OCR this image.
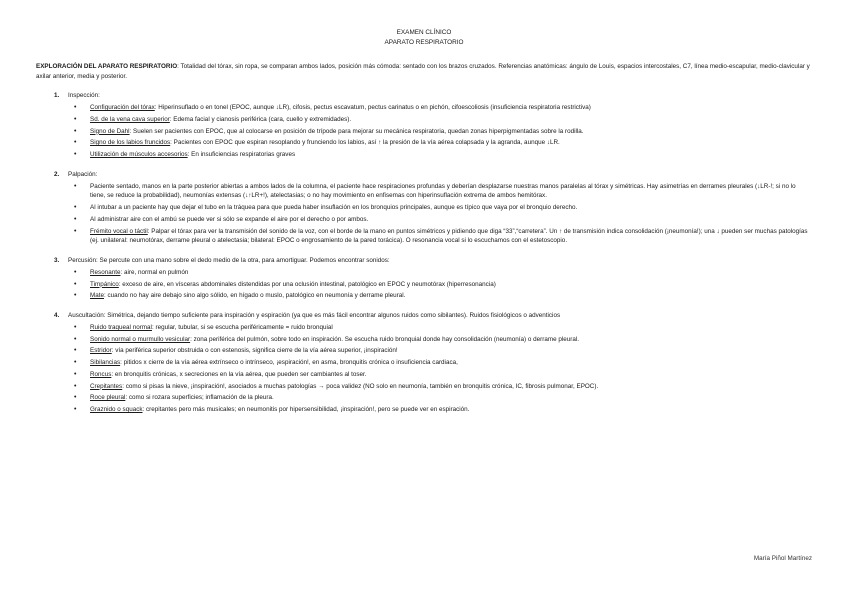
EXAMEN CLÍNICO
APARATO RESPIRATORIO

EXPLORACIÓN DEL APARATO RESPIRATORIO: Totalidad del tórax, sin ropa, se comparan ambos lados, posición más cómoda: sentado con los brazos cruzados. Referencias anatómicas: ángulo de Louis, espacios intercostales, C7, línea medio-escapular, medio-clavicular y axilar anterior, media y posterior.

1. Inspección:
• Configuración del tórax: Hiperinsuflado o en tonel (EPOC, aunque ↓LR), cifosis, pectus escavatum, pectus carinatus o en pichón, cifoescoliosis (insuficiencia respiratoria restrictiva)
• Sd. de la vena cava superior: Edema facial y cianosis periférica (cara, cuello y extremidades).
• Signo de Dahl: Suelen ser pacientes con EPOC, que al colocarse en posición de trípode para mejorar su mecánica respiratoria, quedan zonas hiperpigmentadas sobre la rodilla.
• Signo de los labios fruncidos: Pacientes con EPOC que espiran resoplando y frunciendo los labios, así ↑ la presión de la vía aérea colapsada y la agranda, aunque ↓LR.
• Utilización de músculos accesorios: En insuficiencias respiratorias graves
2. Palpación:
• Paciente sentado, manos en la parte posterior abiertas a ambos lados de la columna, el paciente hace respiraciones profundas y deberían desplazarse nuestras manos paralelas al tórax y simétricas. Hay asimetrías en derrames pleurales (↓LR-!; si no lo tiene, se reduce la probabilidad), neumonías extensas (↓↑LR+!), atelectasias; o no hay movimiento en enfisemas con hiperinsuflación extrema de ambos hemitórax.
• Al intubar a un paciente hay que dejar el tubo en la tráquea para que pueda haber insuflación en los bronquios principales, aunque es típico que vaya por el bronquio derecho.
• Al administrar aire con el ambú se puede ver si sólo se expande el aire por el derecho o por ambos.
• Frémito vocal o táctil: Palpar el tórax para ver la transmisión del sonido de la voz, con el borde de la mano en puntos simétricos y pidiendo que diga “33”,“carretera”. Un ↑ de transmisión indica consolidación (¡neumonía!); una ↓ pueden ser muchas patologías (ej. unilateral: neumotórax, derrame pleural o atelectasia; bilateral: EPOC o engrosamiento de la pared torácica). O resonancia vocal si lo escuchamos con el estetoscopio.
3. Percusión: Se percute con una mano sobre el dedo medio de la otra, para amortiguar. Podemos encontrar sonidos:
• Resonante: aire, normal en pulmón
• Timpánico: exceso de aire, en vísceras abdominales distendidas por una oclusión intestinal, patológico en EPOC y neumotórax (hiperresonancia)
• Mate: cuando no hay aire debajo sino algo sólido, en hígado o muslo, patológico en neumonía y derrame pleural.
4. Auscultación: Simétrica, dejando tiempo suficiente para inspiración y espiración (ya que es más fácil encontrar algunos ruidos como sibilantes). Ruidos fisiológicos o adventicios
• Ruido traqueal normal: regular, tubular, si se escucha periféricamente = ruido bronquial
• Sonido normal o murmullo vesicular: zona periférica del pulmón, sobre todo en inspiración. Se escucha ruido bronquial donde hay consolidación (neumonía) o derrame pleural.
• Estridor: vía periférica superior obstruida o con estenosis, significa cierre de la vía aérea superior, ¡inspiración!
• Sibilancias: pitidos x cierre de la vía aérea extrínseco o intrínseco, ¡espiración!, en asma, bronquitis crónica o insuficiencia cardiaca,
• Roncus: en bronquitis crónicas, x secreciones en la vía aérea, que pueden ser cambiantes al toser.
• Crepitantes: como si pisas la nieve, ¡inspiración!, asociados a muchas patologías → poca validez (NO solo en neumonía, también en bronquitis crónica, IC, fibrosis pulmonar, EPOC).
• Roce pleural: como si rozara superficies; inflamación de la pleura.
• Graznido o squack: crepitantes pero más musicales; en neumonitis por hipersensibilidad, ¡inspiración!, pero se puede ver en espiración.
María Piñol Martínez
